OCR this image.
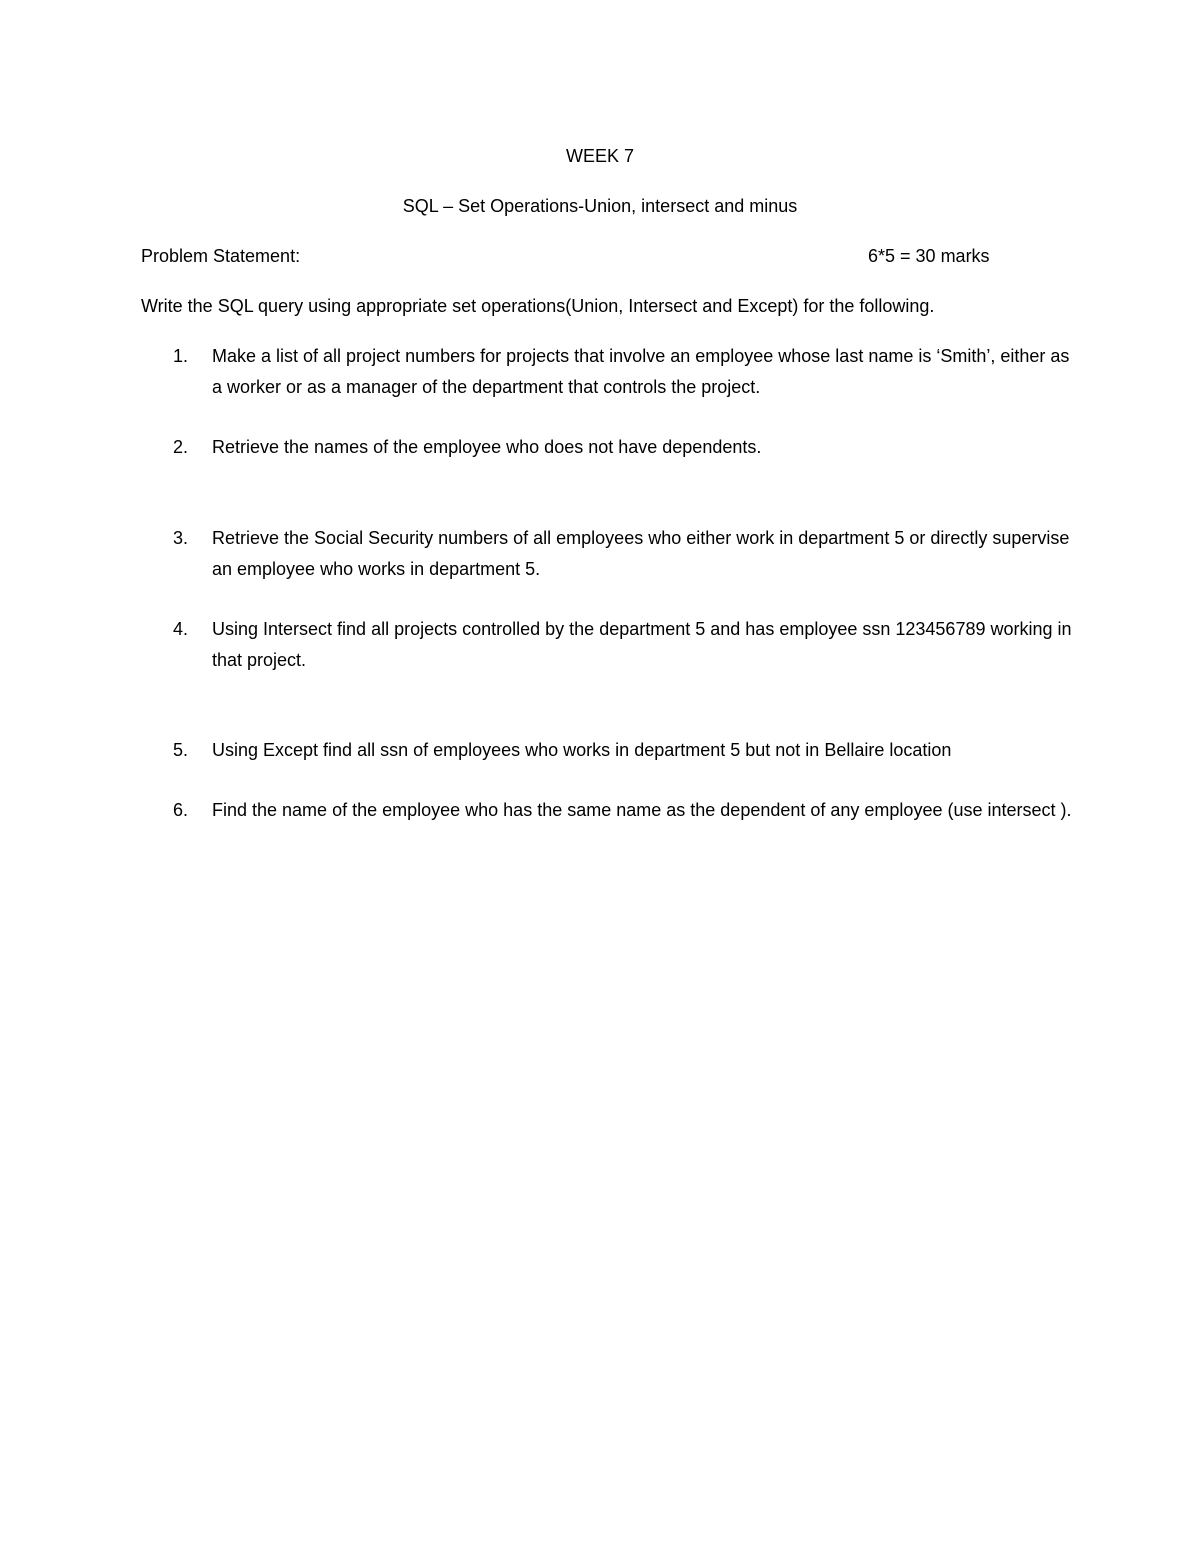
WEEK 7
SQL – Set Operations-Union, intersect and minus
Problem Statement:	6*5 = 30 marks
Write the SQL query using appropriate set operations(Union, Intersect and Except) for the following.
1.	Make a list of all project numbers for projects that involve an employee whose last name is ‘Smith’, either as a worker or as a manager of the department that controls the project.
2.	Retrieve the names of the employee who does not have dependents.
3.	Retrieve the Social Security numbers of all employees who either work in department 5 or directly supervise an employee who works in department 5.
4.	Using Intersect find all projects controlled by the department 5 and has employee ssn 123456789 working in that project.
5.	Using Except find all ssn of employees who works in department 5 but not in Bellaire location
6.	Find the name of the employee who has the same name as the dependent of any employee (use intersect ).
